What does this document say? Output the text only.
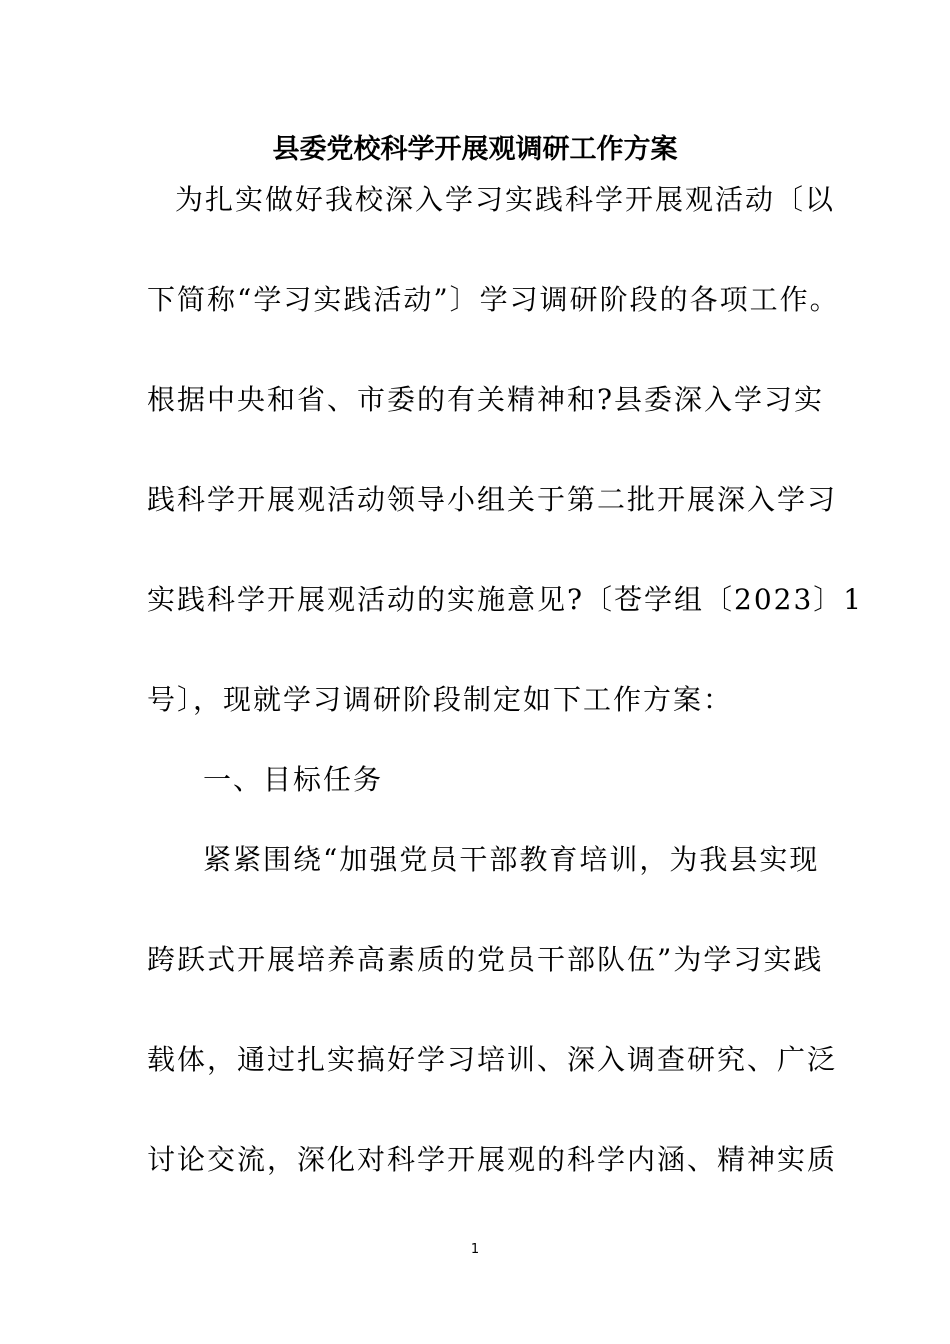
县委党校科学开展观调研工作方案

为扎实做好我校深入学习实践科学开展观活动〔以

下简称“学习实践活动”〕学习调研阶段的各项工作。

根据中央和省、市委的有关精神和?县委深入学习实

践科学开展观活动领导小组关于第二批开展深入学习

实践科学开展观活动的实施意见?〔苍学组〔2023〕1

号〕，现就学习调研阶段制定如下工作方案：

一、目标任务

紧紧围绕“加强党员干部教育培训，为我县实现

跨跃式开展培养高素质的党员干部队伍”为学习实践

载体，通过扎实搞好学习培训、深入调查研究、广泛

讨论交流，深化对科学开展观的科学内涵、精神实质

1
